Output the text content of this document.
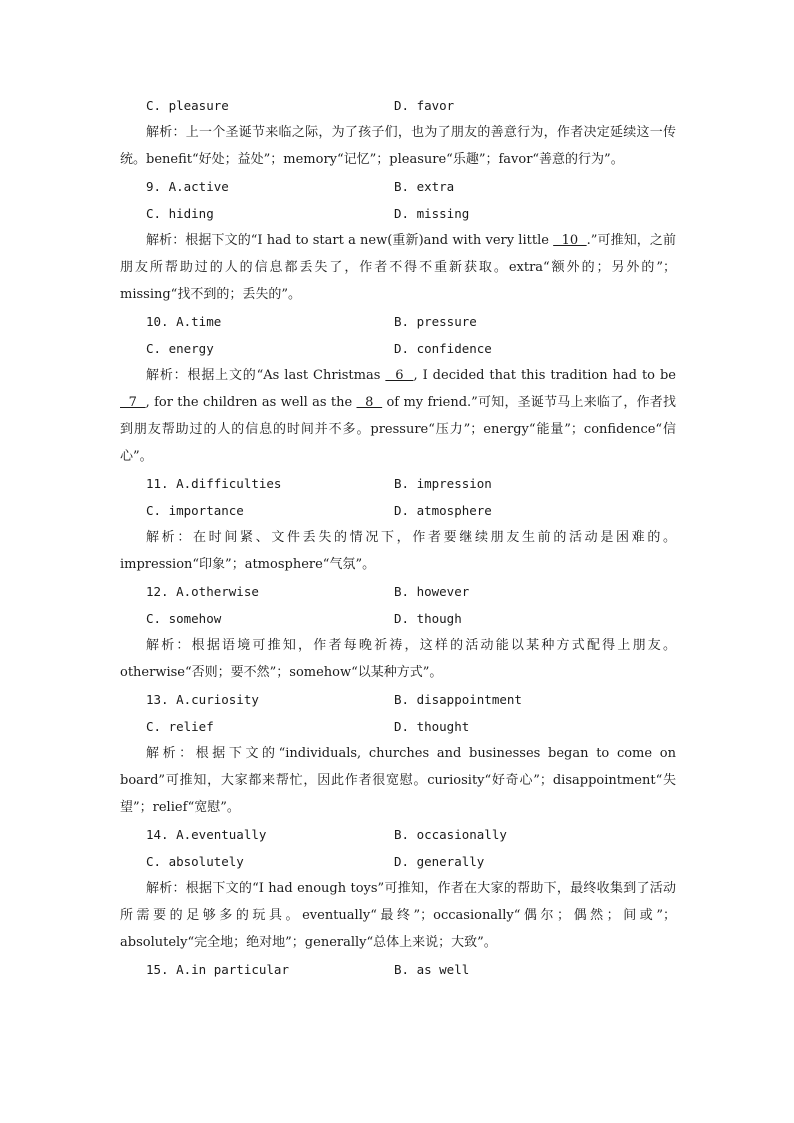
C. pleasure	D. favor

解析：上一个圣诞节来临之际，为了孩子们，也为了朋友的善意行为，作者决定延续这一传统。benefit“好处；益处”；memory“记忆”；pleasure“乐趣”；favor“善意的行为”。

9. A.active	B. extra
C. hiding	D. missing

解析：根据下文的“I had to start a new(重新)and with very little   10  .”可推知，之前朋友所帮助过的人的信息都丢失了，作者不得不重新获取。extra“额外的；另外的”；missing“找不到的；丢失的”。

10. A.time	B. pressure
C. energy	D. confidence

解析：根据上文的“As last Christmas   6  , I decided that this tradition had to be   7  , for the children as well as the   8   of my friend.”可知，圣诞节马上来临了，作者找到朋友帮助过的人的信息的时间并不多。pressure“压力”；energy“能量”；confidence“信心”。

11. A.difficulties	B. impression
C. importance	D. atmosphere

解析：在时间紧、文件丢失的情况下，作者要继续朋友生前的活动是困难的。impression“印象”；atmosphere“气氛”。

12. A.otherwise	B. however
C. somehow	D. though

解析：根据语境可推知，作者每晚祈祷，这样的活动能以某种方式配得上朋友。otherwise“否则；要不然”；somehow“以某种方式”。

13. A.curiosity	B. disappointment
C. relief	D. thought

解析：根据下文的“individuals, churches and businesses began to come on board”可推知，大家都来帮忙，因此作者很宽慰。curiosity“好奇心”；disappointment“失望”；relief“宽慰”。

14. A.eventually	B. occasionally
C. absolutely	D. generally

解析：根据下文的“I had enough toys”可推知，作者在大家的帮助下，最终收集到了活动所需要的足够多的玩具。eventually“最终”；occasionally“偶尔；偶然；间或”；absolutely“完全地；绝对地”；generally“总体上来说；大致”。

15. A.in particular	B. as well
